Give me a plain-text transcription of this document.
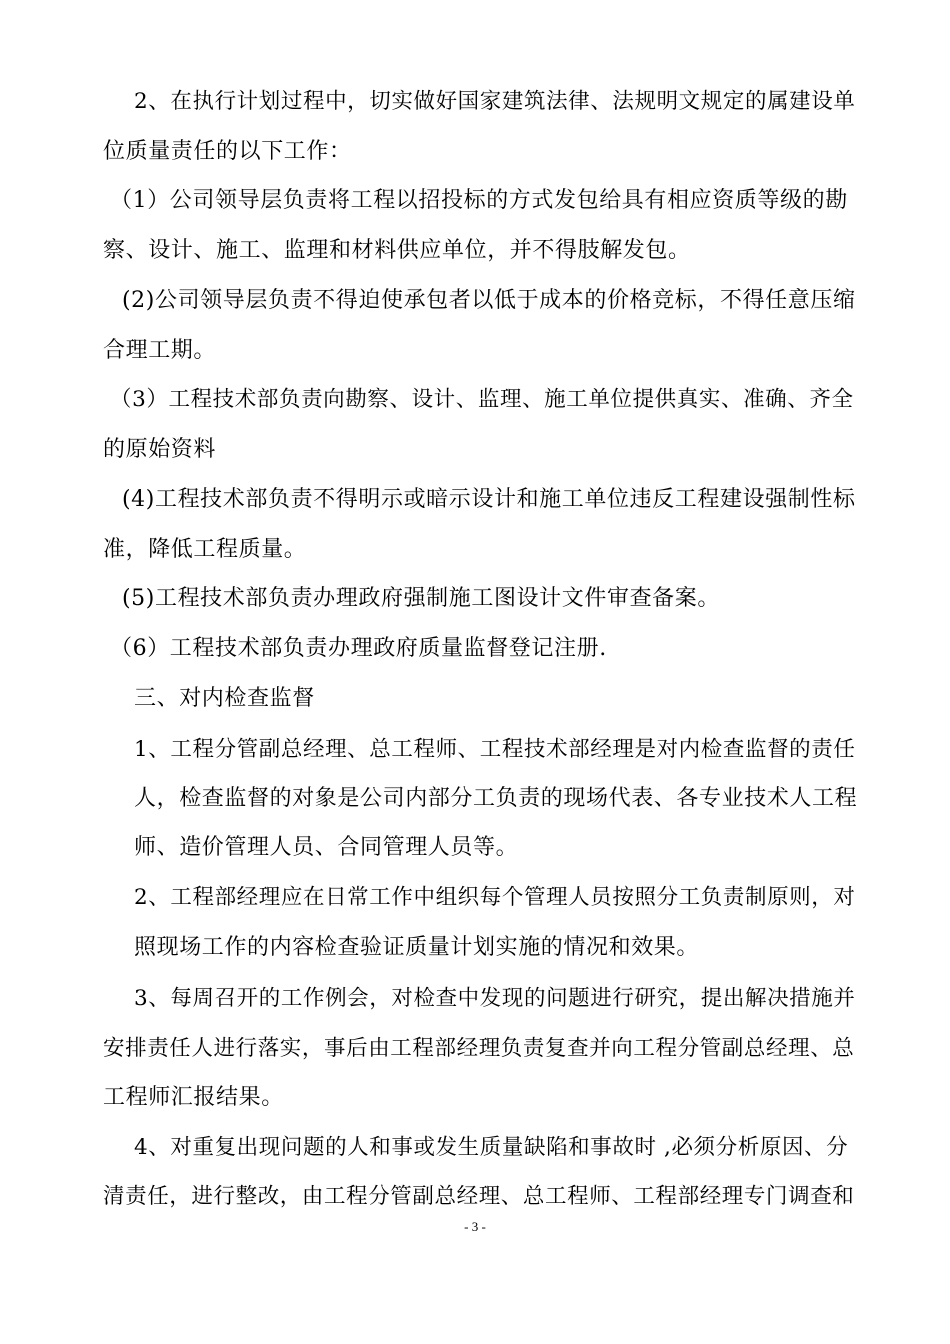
2、在执行计划过程中，切实做好国家建筑法律、法规明文规定的属建设单
位质量责任的以下工作：
（1）公司领导层负责将工程以招投标的方式发包给具有相应资质等级的勘
察、设计、施工、监理和材料供应单位，并不得肢解发包。
(2)公司领导层负责不得迫使承包者以低于成本的价格竞标，不得任意压缩
合理工期。
（3）工程技术部负责向勘察、设计、监理、施工单位提供真实、准确、齐全
的原始资料
(4)工程技术部负责不得明示或暗示设计和施工单位违反工程建设强制性标
准，降低工程质量。
(5)工程技术部负责办理政府强制施工图设计文件审查备案。
（6）工程技术部负责办理政府质量监督登记注册.
三、对内检查监督
1、工程分管副总经理、总工程师、工程技术部经理是对内检查监督的责任
人，检查监督的对象是公司内部分工负责的现场代表、各专业技术人工程
师、造价管理人员、合同管理人员等。
2、工程部经理应在日常工作中组织每个管理人员按照分工负责制原则，对
照现场工作的内容检查验证质量计划实施的情况和效果。
3、每周召开的工作例会，对检查中发现的问题进行研究，提出解决措施并
安排责任人进行落实，事后由工程部经理负责复查并向工程分管副总经理、总
工程师汇报结果。
4、对重复出现问题的人和事或发生质量缺陷和事故时 ,必须分析原因、分
清责任，进行整改，由工程分管副总经理、总工程师、工程部经理专门调查和
- 3 -
